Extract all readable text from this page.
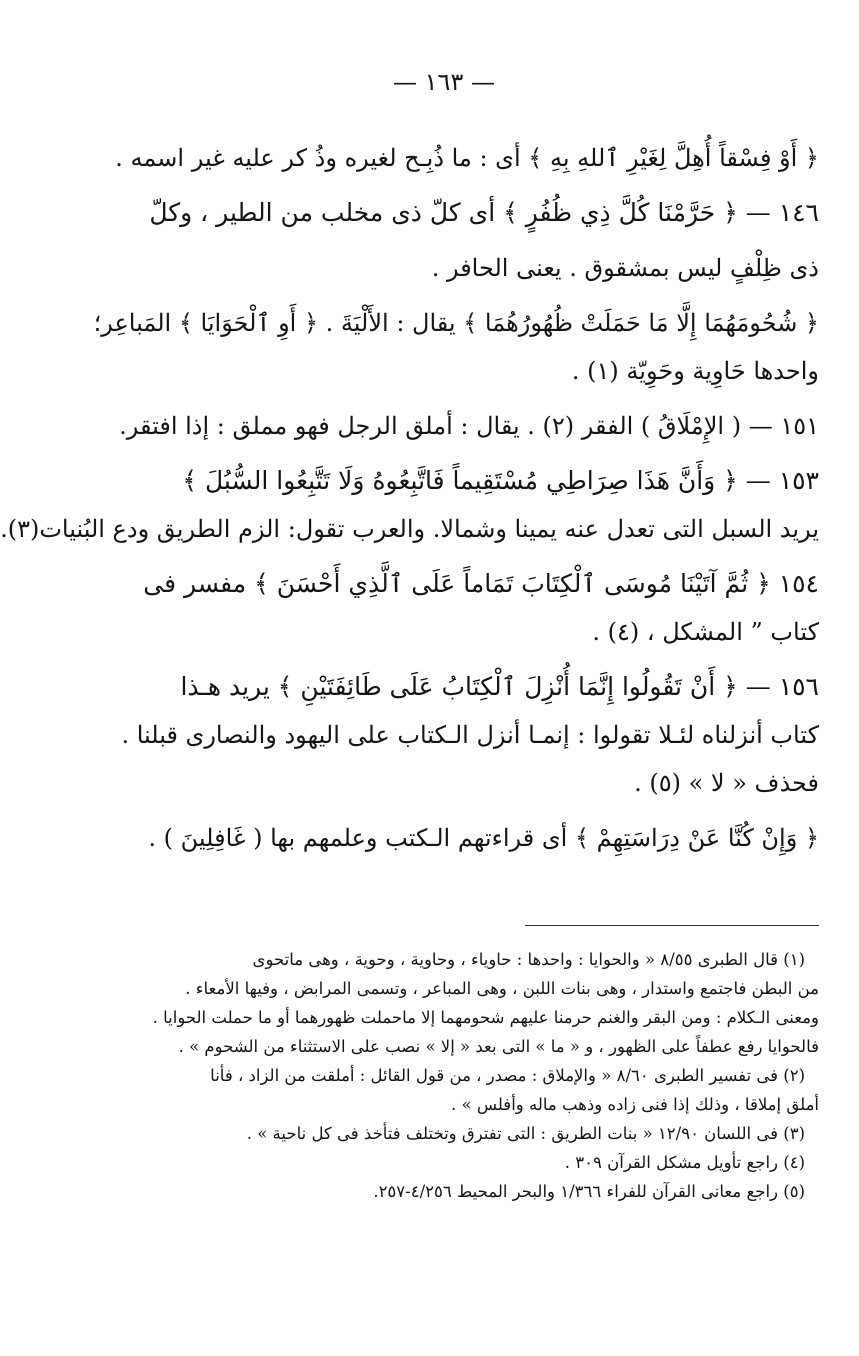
— ١٦٣ —
﴿ أَوْ فِسْقاً أُهِلَّ لِغَيْرِ ٱللهِ بِهِ ﴾ أى : ما ذُبِـح لغيره وذُ كر عليه غير اسمه .
١٤٦ — ﴿ حَرَّمْنَا كُلَّ ذِي ظُفُرٍ ﴾ أى كلّ ذى مخلب من الطير ، وكلّ
ذى ظِلْفٍ ليس بمشقوق . يعنى الحافر .
﴿ شُحُومَهُمَا إِلَّا مَا حَمَلَتْ ظُهُورُهُمَا ﴾ يقال : الأَلْيَةَ . ﴿ أَوِ ٱلْحَوَايَا ﴾ المَباعِر؛
واحدها حَاوِية وحَوِيّة (١) .
١٥١ — ( الإِمْلَاقُ ) الفقر (٢) . يقال : أملق الرجل فهو مملق : إذا افتقر.
١٥٣ — ﴿ وَأَنَّ هَذَا صِرَاطِي مُسْتَقِيماً فَاتَّبِعُوهُ وَلَا تَتَّبِعُوا السُّبُلَ ﴾
يريد السبل التى تعدل عنه يمينا وشمالا. والعرب تقول: الزم الطريق ودع البُنيات(٣).
١٥٤ ﴿ ثُمَّ آتَيْنَا مُوسَى ٱلْكِتَابَ تَمَاماً عَلَى ٱلَّذِي أَحْسَنَ ﴾ مفسر فى
كتاب ” المشكل ، (٤) .
١٥٦ — ﴿ أَنْ تَقُولُوا إِنَّمَا أُنْزِلَ ٱلْكِتَابُ عَلَى طَائِفَتَيْنِ ﴾ يريد هـذا
كتاب أنزلناه لئـلا تقولوا : إنمـا أنزل الـكتاب على اليهود والنصارى قبلنا .
فحذف « لا » (٥) .
﴿ وَإِنْ كُنَّا عَنْ دِرَاسَتِهِمْ ﴾ أى قراءتهم الـكتب وعلمهم بها ( غَافِلِينَ ) .
(١) قال الطبرى ٨/٥٥ « والحوايا : واحدها : حاوياء ، وحاوية ، وحوية ، وهى ماتحوى
من البطن فاجتمع واستدار ، وهى بنات اللبن ، وهى المباعر ، وتسمى المرابض ، وفيها الأمعاء .
ومعنى الـكلام : ومن البقر والغنم حرمنا عليهم شحومهما إلا ماحملت ظهورهما أو ما حملت الحوايا .
فالحوايا رفع عطفاً على الظهور ، و « ما » التى بعد « إلا » نصب على الاستثناء من الشحوم » .
(٢) فى تفسير الطبرى ٨/٦٠ « والإملاق : مصدر ، من قول القائل : أملقت من الزاد ، فأنا
أملق إملاقا ، وذلك إذا فنى زاده وذهب ماله وأفلس » .
(٣) فى اللسان ١٢/٩٠ « بنات الطريق : التى تفترق وتختلف فتأخذ فى كل ناحية » .
(٤) راجع تأويل مشكل القرآن ٣٠٩ .
(٥) راجع معانى القرآن للفراء ١/٣٦٦ والبحر المحيط ٤/٢٥٦-٢٥٧.
